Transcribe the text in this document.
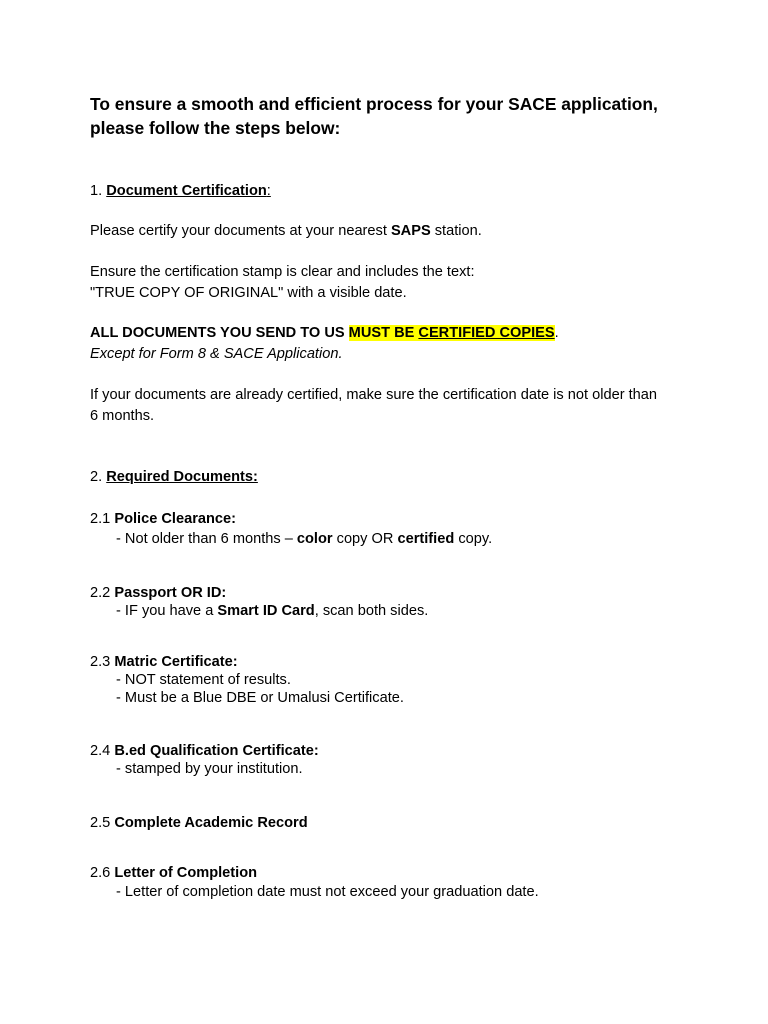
To ensure a smooth and efficient process for your SACE application,
please follow the steps below:
1. Document Certification:
Please certify your documents at your nearest SAPS station.
Ensure the certification stamp is clear and includes the text:
"TRUE COPY OF ORIGINAL" with a visible date.
ALL DOCUMENTS YOU SEND TO US MUST BE CERTIFIED COPIES.
Except for Form 8 & SACE Application.
If your documents are already certified, make sure the certification date is not older than
6 months.
2. Required Documents:
2.1 Police Clearance:
- Not older than 6 months – color copy OR certified copy.
2.2 Passport OR ID:
- IF you have a Smart ID Card, scan both sides.
2.3 Matric Certificate:
- NOT statement of results.
- Must be a Blue DBE or Umalusi Certificate.
2.4 B.ed Qualification Certificate:
- stamped by your institution.
2.5 Complete Academic Record
2.6 Letter of Completion
- Letter of completion date must not exceed your graduation date.
